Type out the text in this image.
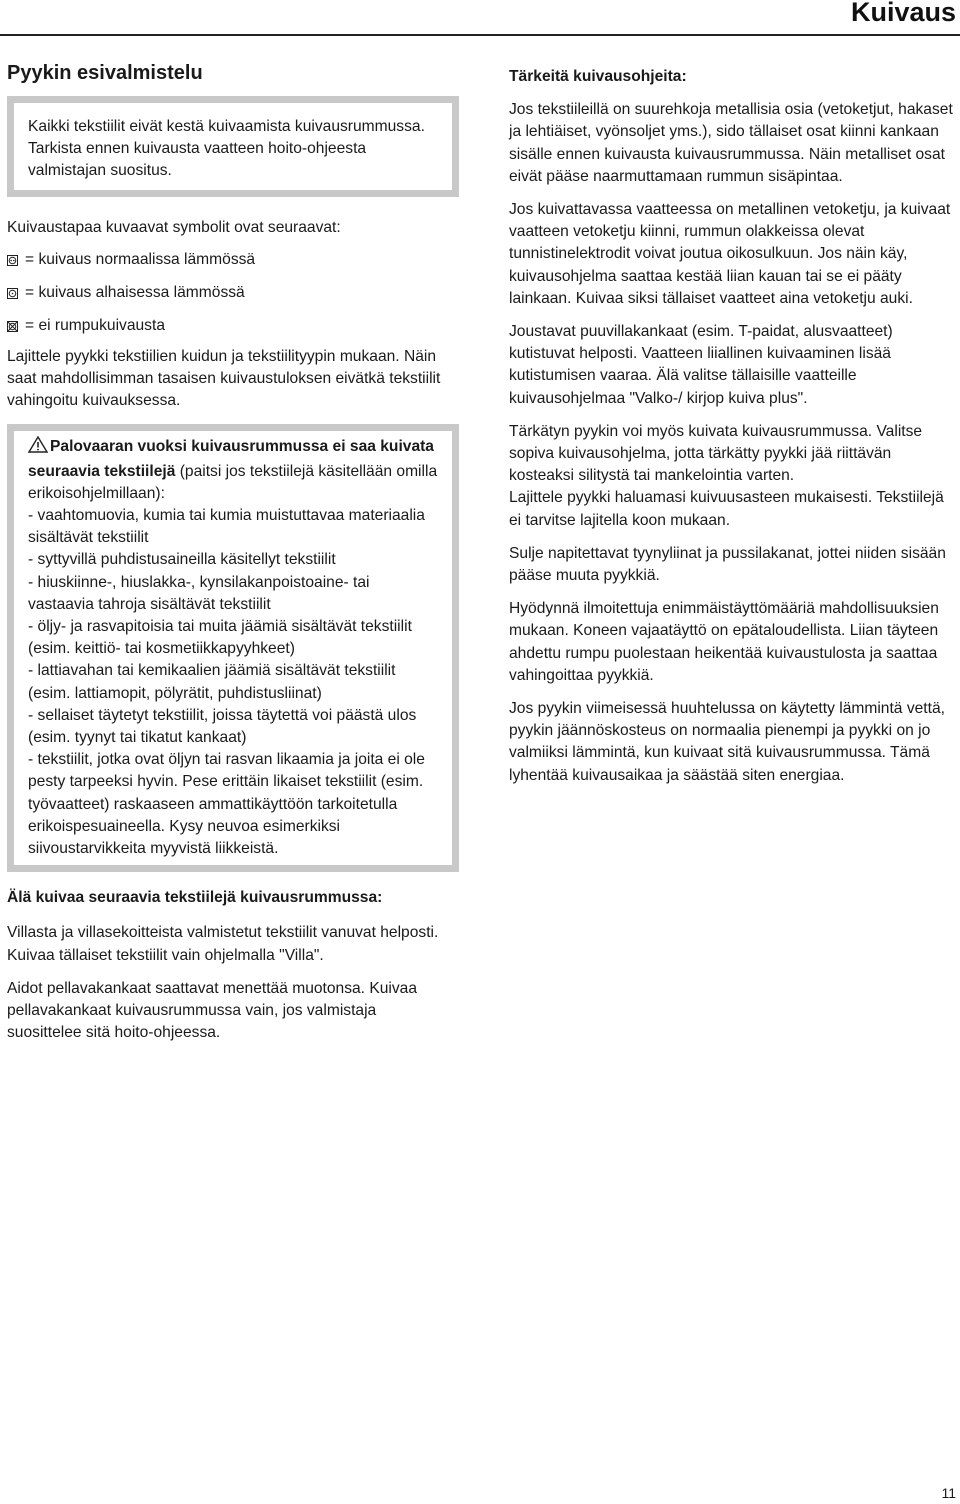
Kuivaus
Pyykin esivalmistelu

Kaikki tekstiilit eivät kestä kuivaamista kuivausrummussa. Tarkista ennen kuivausta vaatteen hoito-ohjeesta valmistajan suositus.

Kuivaustapaa kuvaavat symbolit ovat seuraavat:

= kuivaus normaalissa lämmössä
= kuivaus alhaisessa lämmössä
= ei rumpukuivausta

Lajittele pyykki tekstiilien kuidun ja tekstiilityypin mukaan. Näin saat mahdollisimman tasaisen kuivaustuloksen eivätkä tekstiilit vahingoitu kuivauksessa.

Palovaaran vuoksi kuivausrummussa ei saa kuivata seuraavia tekstiilejä (paitsi jos tekstiilejä käsitellään omilla erikoisohjelmillaan):

- vaahtomuovia, kumia tai kumia muistuttavaa materiaalia sisältävät tekstiilit

- syttyvillä puhdistusaineilla käsitellyt tekstiilit

- hiuskiinne-, hiuslakka-, kynsilakanpoistoaine- tai vastaavia tahroja sisältävät tekstiilit

- öljy- ja rasvapitoisia tai muita jäämiä sisältävät tekstiilit (esim. keittiö- tai kosmetiikkapyyhkeet)

- lattiavahan tai kemikaalien jäämiä sisältävät tekstiilit (esim. lattiamopit, pölyrätit, puhdistusliinat)

- sellaiset täytetyt tekstiilit, joissa täytettä voi päästä ulos (esim. tyynyt tai tikatut kankaat)

- tekstiilit, jotka ovat öljyn tai rasvan likaamia ja joita ei ole pesty tarpeeksi hyvin. Pese erittäin likaiset tekstiilit (esim. työvaatteet) raskaaseen ammattikäyttöön tarkoitetulla erikoispesuaineella. Kysy neuvoa esimerkiksi siivoustarvikkeita myyvistä liikkeistä.

Älä kuivaa seuraavia tekstiilejä kuivausrummussa:

Villasta ja villasekoitteista valmistetut tekstiilit vanuvat helposti. Kuivaa tällaiset tekstiilit vain ohjelmalla "Villa".

Aidot pellavakankaat saattavat menettää muotonsa. Kuivaa pellavakankaat kuivausrummussa vain, jos valmistaja suosittelee sitä hoito-ohjeessa.

Tärkeitä kuivausohjeita:

Jos tekstiileillä on suurehkoja metallisia osia (vetoketjut, hakaset ja lehtiäiset, vyönsoljet yms.), sido tällaiset osat kiinni kankaan sisälle ennen kuivausta kuivausrummussa. Näin metalliset osat eivät pääse naarmuttamaan rummun sisäpintaa.

Jos kuivattavassa vaatteessa on metallinen vetoketju, ja kuivaat vaatteen vetoketju kiinni, rummun olakkeissa olevat tunnistinelektrodit voivat joutua oikosulkuun. Jos näin käy, kuivausohjelma saattaa kestää liian kauan tai se ei pääty lainkaan. Kuivaa siksi tällaiset vaatteet aina vetoketju auki.

Joustavat puuvillakankaat (esim. T-paidat, alusvaatteet) kutistuvat helposti. Vaatteen liiallinen kuivaaminen lisää kutistumisen vaaraa. Älä valitse tällaisille vaatteille kuivausohjelmaa "Valko-/ kirjop kuiva plus".

Tärkätyn pyykin voi myös kuivata kuivausrummussa. Valitse sopiva kuivausohjelma, jotta tärkätty pyykki jää riittävän kosteaksi silitystä tai mankelointia varten.

Lajittele pyykki haluamasi kuivuusasteen mukaisesti. Tekstiilejä ei tarvitse lajitella koon mukaan.

Sulje napitettavat tyynyliinat ja pussilakanat, jottei niiden sisään pääse muuta pyykkiä.

Hyödynnä ilmoitettuja enimmäistäyttömääriä mahdollisuuksien mukaan. Koneen vajaatäyttö on epätaloudellista. Liian täyteen ahdettu rumpu puolestaan heikentää kuivaustulosta ja saattaa vahingoittaa pyykkiä.

Jos pyykin viimeisessä huuhtelussa on käytetty lämmintä vettä, pyykin jäännöskosteus on normaalia pienempi ja pyykki on jo valmiiksi lämmintä, kun kuivaat sitä kuivausrummussa. Tämä lyhentää kuivausaikaa ja säästää siten energiaa.

11
